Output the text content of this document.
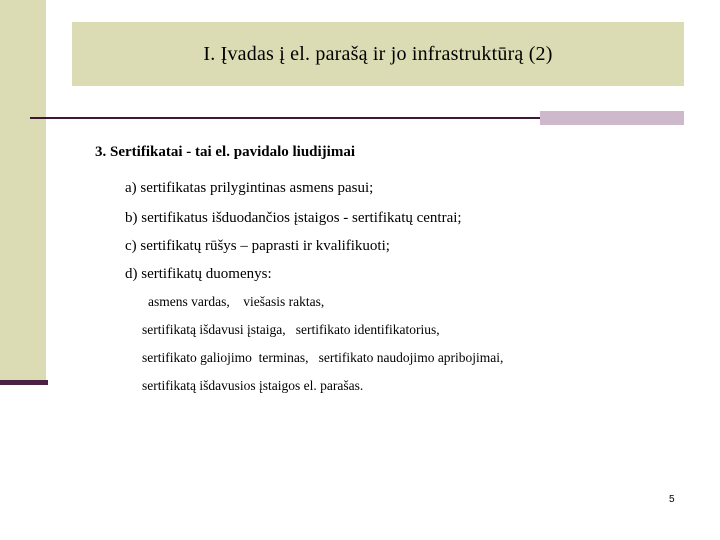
I. Įvadas į el. parašą ir jo infrastruktūrą (2)
3. Sertifikatai - tai el. pavidalo liudijimai
a) sertifikatas prilygintinas asmens pasui;
b) sertifikatus išduodančios įstaigos - sertifikatų centrai;
c) sertifikatų rūšys – paprasti ir kvalifikuoti;
d) sertifikatų duomenys:
asmens vardas,    viešasis raktas,
sertifikatą išdavusi įstaiga,   sertifikato identifikatorius,
sertifikato galiojimo  terminas,   sertifikato naudojimo apribojimai,
sertifikatą išdavusios įstaigos el. parašas.
5
